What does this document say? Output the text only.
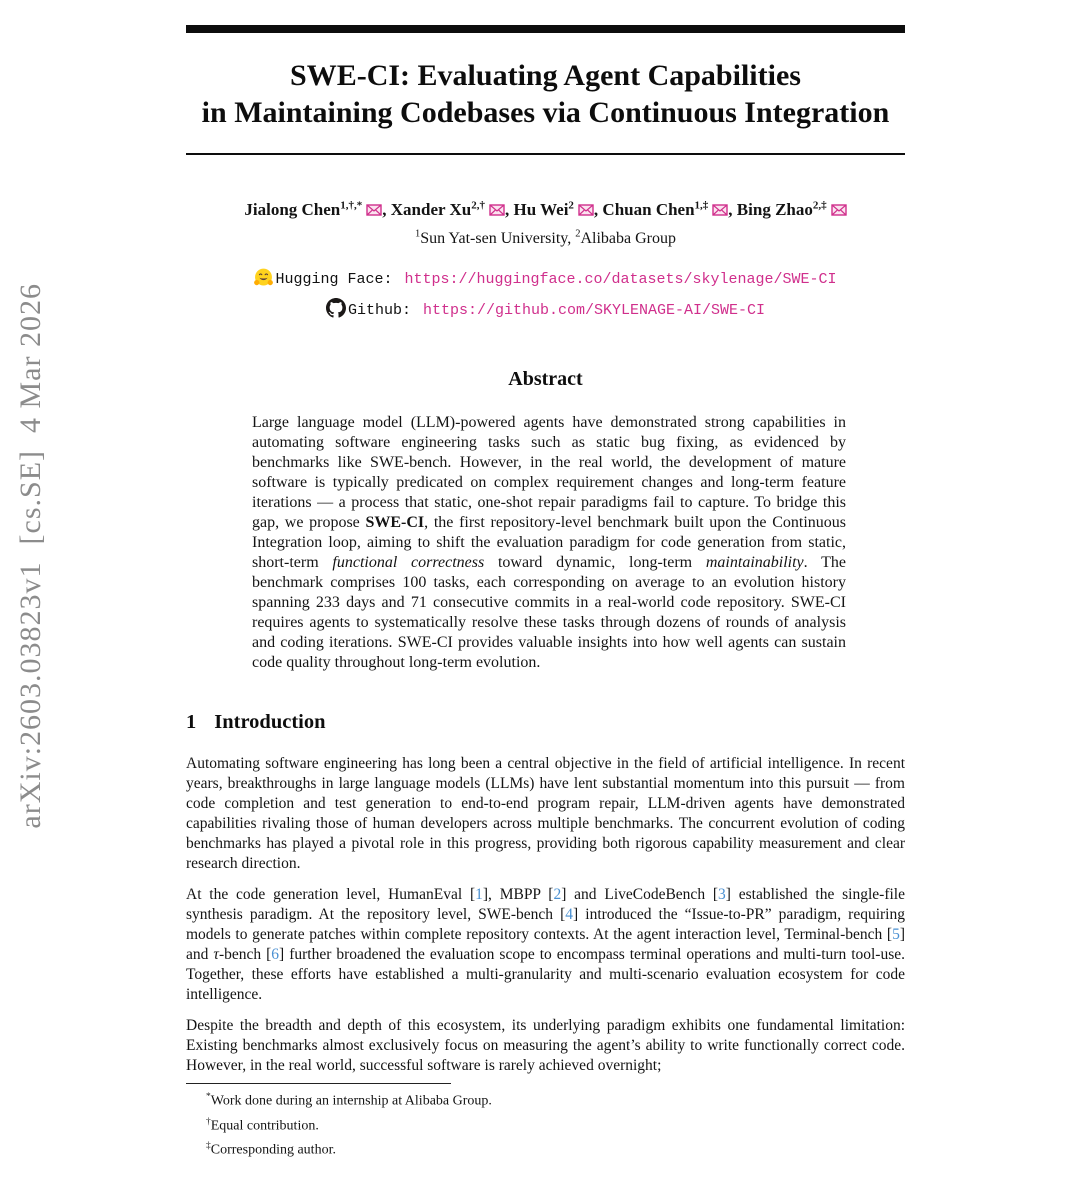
arXiv:2603.03823v1  [cs.SE]  4 Mar 2026
SWE-CI: Evaluating Agent Capabilities
in Maintaining Codebases via Continuous Integration
Jialong Chen$^{1,\dagger,*}$ , Xander $Xu^{2,\dagger}$ , Hu Wei$^2$ , Chuan Chen$^{1,\ddagger}$ , Bing Zhao$^{2,\ddagger}$
$^1$Sun Yat-sen University, $^2$Alibaba Group
Hugging Face: https://huggingface.co/datasets/skylenage/SWE-CI
Github: https://github.com/SKYLENAGE-AI/SWE-CI
Abstract

Large language model (LLM)-powered agents have demonstrated strong capabilities in automating software engineering tasks such as static bug fixing, as evidenced by benchmarks like SWE-bench. However, in the real world, the development of mature software is typically predicated on complex requirement changes and long-term feature iterations — a process that static, one-shot repair paradigms fail to capture. To bridge this gap, we propose SWE-CI, the first repository-level benchmark built upon the Continuous Integration loop, aiming to shift the evaluation paradigm for code generation from static, short-term functional correctness toward dynamic, long-term maintainability. The benchmark comprises 100 tasks, each corresponding on average to an evolution history spanning 233 days and 71 consecutive commits in a real-world code repository. SWE-CI requires agents to systematically resolve these tasks through dozens of rounds of analysis and coding iterations. SWE-CI provides valuable insights into how well agents can sustain code quality throughout long-term evolution.

1 Introduction

Automating software engineering has long been a central objective in the field of artificial intelligence. In recent years, breakthroughs in large language models (LLMs) have lent substantial momentum into this pursuit — from code completion and test generation to end-to-end program repair, LLM-driven agents have demonstrated capabilities rivaling those of human developers across multiple benchmarks. The concurrent evolution of coding benchmarks has played a pivotal role in this progress, providing both rigorous capability measurement and clear research direction.

At the code generation level, HumanEval [1], MBPP [2] and LiveCodeBench [3] established the single-file synthesis paradigm. At the repository level, SWE-bench [4] introduced the “Issue-to-PR” paradigm, requiring models to generate patches within complete repository contexts. At the agent interaction level, Terminal-bench [5] and τ-bench [6] further broadened the evaluation scope to encompass terminal operations and multi-turn tool-use. Together, these efforts have established a multi-granularity and multi-scenario evaluation ecosystem for code intelligence.

Despite the breadth and depth of this ecosystem, its underlying paradigm exhibits one fundamental limitation: Existing benchmarks almost exclusively focus on measuring the agent’s ability to write functionally correct code. However, in the real world, successful software is rarely achieved overnight;

*Work done during an internship at Alibaba Group.
†Equal contribution.
‡Corresponding author.
